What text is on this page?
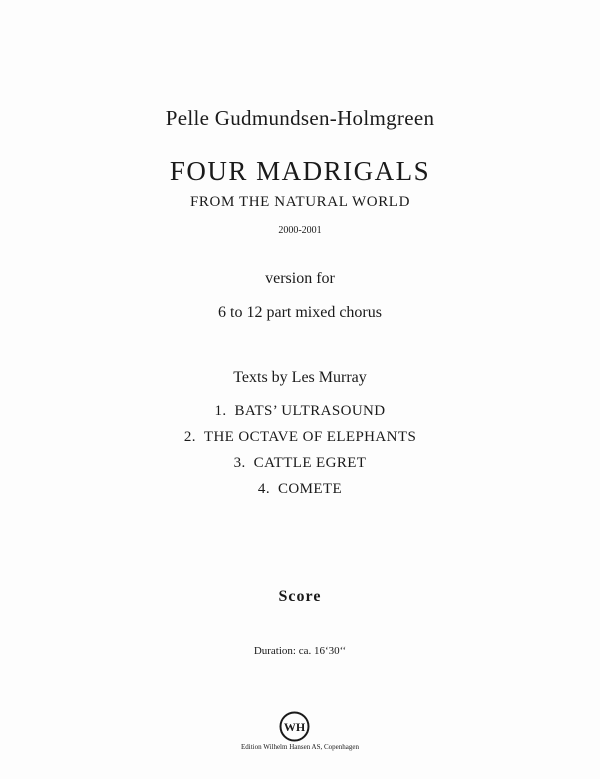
Pelle Gudmundsen-Holmgreen
FOUR MADRIGALS
FROM THE NATURAL WORLD
2000-2001
version for
6 to 12 part mixed chorus
Texts by Les Murray
1. BATS’ ULTRASOUND
2. THE OCTAVE OF ELEPHANTS
3. CATTLE EGRET
4. COMETE
Score
Duration: ca. 16‘30‘‘
WH
Edition Wilhelm Hansen AS, Copenhagen
